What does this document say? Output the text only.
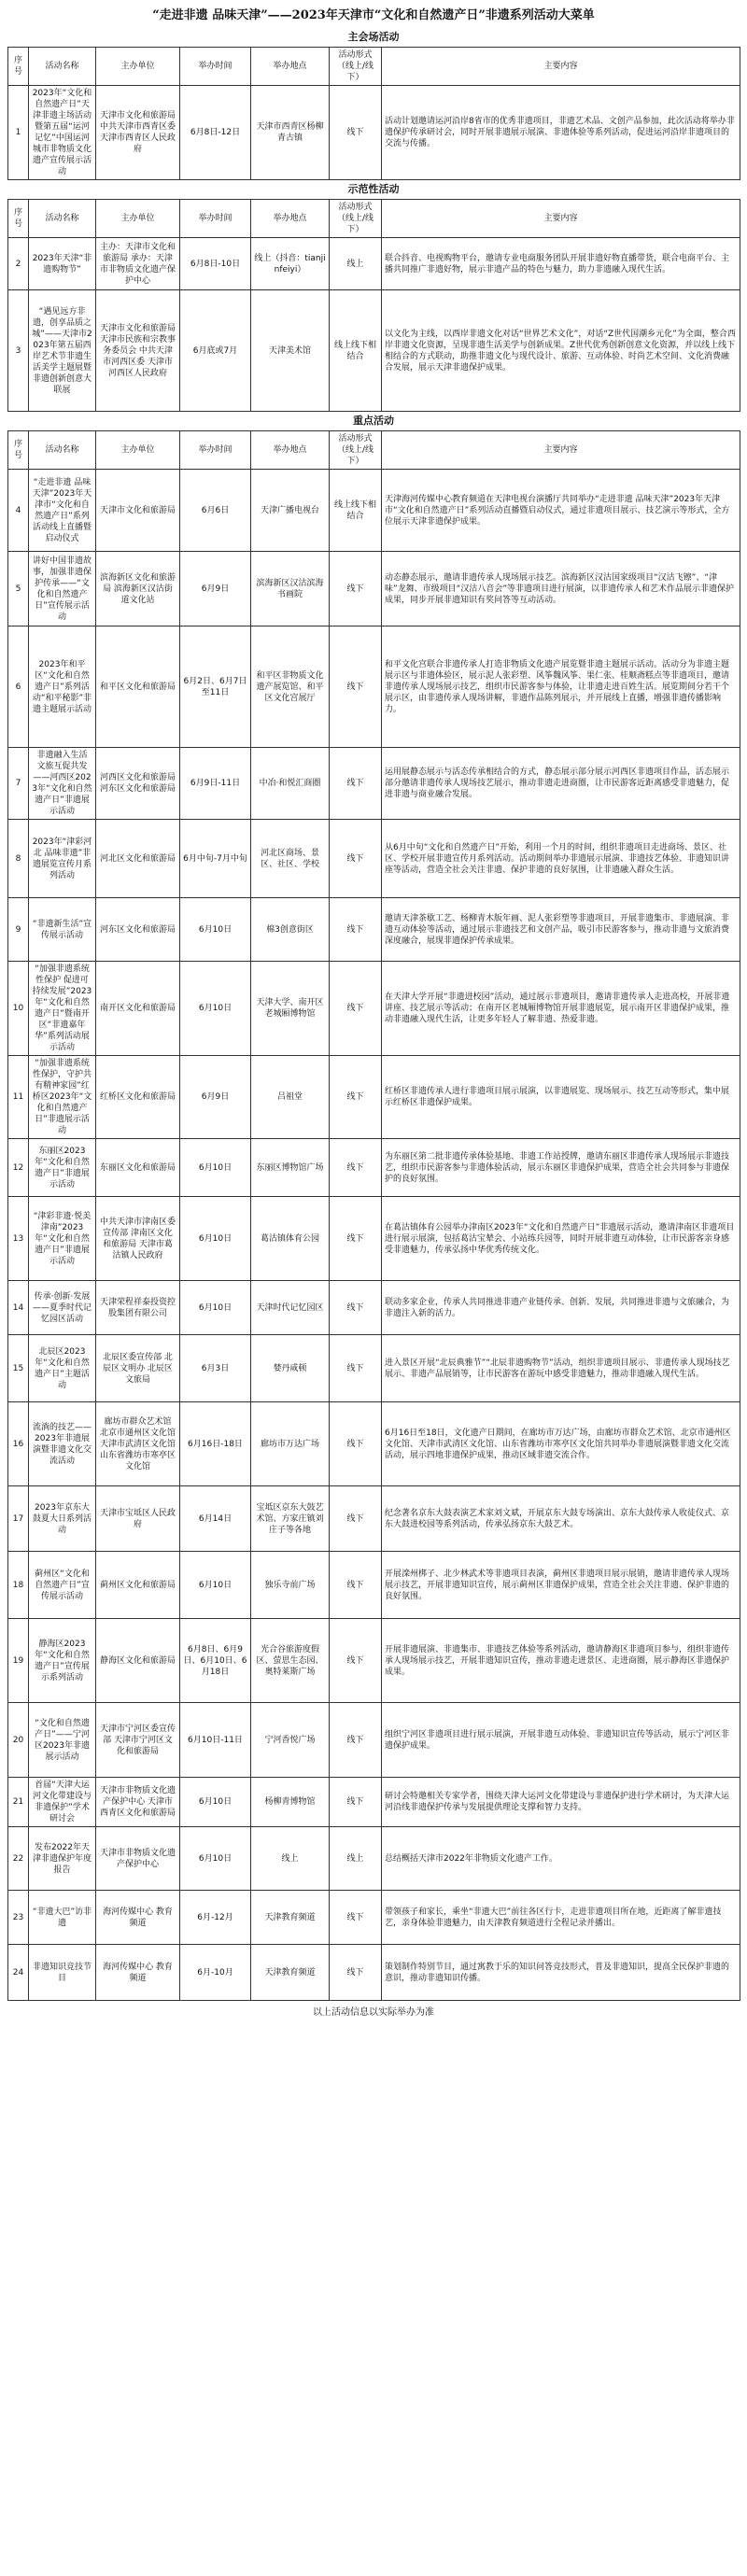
“走进非遗 品味天津”——2023年天津市“文化和自然遗产日”非遗系列活动大菜单
主会场活动
序号	活动名称	主办单位	举办时间	举办地点	活动形式（线上/线下）	主要内容
1	2023年“文化和自然遗产日”天津非遗主场活动暨第五届“运河记忆”中国运河城市非物质文化遗产宣传展示活动	天津市文化和旅游局 中共天津市西青区委 天津市西青区人民政府	6月8日-12日	天津市西青区杨柳青古镇	线下	活动计划邀请运河沿岸8省市的优秀非遗项目，非遗艺术品、文创产品参加，此次活动将举办非遗保护传承研讨会，同时开展非遗展示展演、非遗体验等系列活动，促进运河沿岸非遗项目的交流与传播。
示范性活动
序号	活动名称	主办单位	举办时间	举办地点	活动形式（线上/线下）	主要内容
2	2023年天津“非遗购物节”	主办：天津市文化和旅游局 承办：天津市非物质文化遗产保护中心	6月8日-10日	线上（抖音：tianjinfeiyi）	线上	联合抖音、电视购物平台，邀请专业电商服务团队开展非遗好物直播带货，联合电商平台、主播共同推广非遗好物，展示非遗产品的特色与魅力，助力非遗融入现代生活。
3	“遇见远方非遗，创享品质之城”——天津市2023年第五届西岸艺术节非遗生活美学主题展暨非遗创新创意大联展	天津市文化和旅游局 天津市民族和宗教事务委员会 中共天津市河西区委 天津市河西区人民政府	6月底或7月	天津美术馆	线上线下相结合	以文化为主线，以西岸非遗文化对话“世界艺术文化”，对话“Z世代国潮乡元化”为全面，整合西岸非遗文化资源，呈现非遗生活美学与创新成果。Z世代优秀创新创意文化资源，并以线上线下相结合的方式联动，助推非遗文化与现代设计、旅游、互动体验、时尚艺术空间、文化消费融合发展，展示天津非遗保护成果。
重点活动
序号	活动名称	主办单位	举办时间	举办地点	活动形式（线上/线下）	主要内容
4	“走进非遗 品味天津”2023年天津市“文化和自然遗产日”系列活动线上直播暨启动仪式	天津市文化和旅游局	6月6日	天津广播电视台	线上线下相结合	天津海河传媒中心教育频道在天津电视台演播厅共同举办“走进非遗 品味天津”2023年天津市“文化和自然遗产日”系列活动直播暨启动仪式，通过非遗项目展示、技艺演示等形式，全方位展示天津非遗保护成果。
5	讲好中国非遗故事，加强非遗保护传承——“文化和自然遗产日”宣传展示活动	滨海新区文化和旅游局 滨海新区汉沽街道文化站	6月9日	滨海新区汉沽滨海书画院	线下	动态静态展示，邀请非遗传承人现场展示技艺。滨海新区汉沽国家级项目“汉沽飞镲”、“津味”龙舞、市级项目“汉沽八音会”等非遗项目进行展演，以非遗传承人和艺术作品展示非遗保护成果，同步开展非遗知识有奖问答等互动活动。
6	2023年和平区“文化和自然遗产日”系列活动“和平秘影”非遗主题展示活动	和平区文化和旅游局	6月2日、6月7日至11日	和平区非物质文化遗产展览馆、和平区文化宫展厅	线下	和平文化宫联合非遗传承人打造非物质文化遗产展览暨非遗主题展示活动。活动分为非遗主题展示区与非遗体验区，展示泥人张彩塑、风筝魏风筝、果仁张、桂顺斋糕点等非遗项目，邀请非遗传承人现场展示技艺，组织市民游客参与体验，让非遗走进百姓生活。展览期间分若干个展示区，由非遗传承人现场讲解，非遗作品陈列展示，并开展线上直播，增强非遗传播影响力。
7	非遗融入生活 文旅互促共发——河西区2023年“文化和自然遗产日”非遗展示活动	河西区文化和旅游局 河东区文化和旅游局	6月9日-11日	中冶·和悦汇商圈	线下	运用展静态展示与活态传承相结合的方式，静态展示部分展示河西区非遗项目作品，活态展示部分邀请非遗传承人现场技艺展示，推动非遗走进商圈，让市民游客近距离感受非遗魅力，促进非遗与商业融合发展。
8	2023年“津彩河北 品味非遗”非遗展览宣传月系列活动	河北区文化和旅游局	6月中旬-7月中旬	河北区商场、景区、社区、学校	线下	从6月中旬“文化和自然遗产日”开始，利用一个月的时间，组织非遗项目走进商场、景区、社区、学校开展非遗宣传月系列活动。活动期间举办非遗展示展演、非遗技艺体验、非遗知识讲座等活动，营造全社会关注非遗、保护非遗的良好氛围，让非遗融入群众生活。
9	“非遗新生活”宣传展示活动	河东区文化和旅游局	6月10日	棉3创意街区	线下	邀请天津茶歇工艺、杨柳青木版年画、泥人张彩塑等非遗项目，开展非遗集市、非遗展演、非遗互动体验等活动，通过展示非遗技艺和文创产品，吸引市民游客参与，推动非遗与文旅消费深度融合，展现非遗保护传承成果。
10	“加强非遗系统性保护 促进可持续发展”2023年“文化和自然遗产日”暨南开区“非遗嘉年华”系列活动展示活动	南开区文化和旅游局	6月10日	天津大学、南开区老城厢博物馆	线下	在天津大学开展“非遗进校园”活动，通过展示非遗项目，邀请非遗传承人走进高校，开展非遗讲座、技艺展示等活动；在南开区老城厢博物馆开展非遗展览，展示南开区非遗保护成果，推动非遗融入现代生活，让更多年轻人了解非遗、热爱非遗。
11	“加强非遗系统性保护，守护共有精神家园”红桥区2023年“文化和自然遗产日”非遗展示活动	红桥区文化和旅游局	6月9日	吕祖堂	线下	红桥区非遗传承人进行非遗项目展示展演，以非遗展览、现场展示、技艺互动等形式，集中展示红桥区非遗保护成果。
12	东丽区2023年“文化和自然遗产日”非遗展示活动	东丽区文化和旅游局	6月10日	东丽区博物馆广场	线下	为东丽区第二批非遗传承体验基地、非遗工作站授牌，邀请东丽区非遗传承人现场展示非遗技艺，组织市民游客参与非遗体验活动，展示东丽区非遗保护成果，营造全社会共同参与非遗保护的良好氛围。
13	“津彩非遗·悦美津南”2023年“文化和自然遗产日”非遗展示活动	中共天津市津南区委宣传部 津南区文化和旅游局 天津市葛沽镇人民政府	6月10日	葛沽镇体育公园	线下	在葛沽镇体育公园举办津南区2023年“文化和自然遗产日”非遗展示活动，邀请津南区非遗项目进行展示展演，包括葛沽宝辇会、小站练兵园等，同时开展非遗互动体验，让市民游客亲身感受非遗魅力，传承弘扬中华优秀传统文化。
14	传承·创新·发展——夏季时代记忆园区活动	天津荣程祥泰投资控股集团有限公司	6月10日	天津时代记忆园区	线下	联动多家企业，传承人共同推进非遗产业链传承、创新、发展，共同推进非遗与文旅融合，为非遗注入新的活力。
15	北辰区2023年“文化和自然遗产日”主题活动	北辰区委宣传部 北辰区文明办 北辰区文旅局	6月3日	婪丹咸顿	线下	进入景区开展“北辰典雅节”“北辰非遗购物节”活动，组织非遗项目展示、非遗传承人现场技艺展示、非遗产品展销等，让市民游客在游玩中感受非遗魅力，推动非遗融入现代生活。
16	流淌的技艺——2023年非遗展演暨非遗文化交流活动	廊坊市群众艺术馆 北京市通州区文化馆 天津市武清区文化馆 山东省潍坊市寒亭区文化馆	6月16日-18日	廊坊市万达广场	线下	6月16日至18日，文化遗产日期间，在廊坊市万达广场，由廊坊市群众艺术馆、北京市通州区文化馆、天津市武清区文化馆、山东省潍坊市寒亭区文化馆共同举办非遗展演暨非遗文化交流活动，展示四地非遗保护成果，推动区域非遗交流合作。
17	2023年京东大鼓夏大日系列活动	天津市宝坻区人民政府	6月14日	宝坻区京东大鼓艺术馆、方家庄镇刘庄子等各地	线下	纪念著名京东大鼓表演艺术家刘文斌，开展京东大鼓专场演出、京东大鼓传承人收徒仪式、京东大鼓进校园等系列活动，传承弘扬京东大鼓艺术。
18	蓟州区“文化和自然遗产日”宣传展示活动	蓟州区文化和旅游局	6月10日	独乐寺前广场	线下	开展滦州梆子、北少林武术等非遗项目表演，蓟州区非遗项目展示展销，邀请非遗传承人现场展示技艺，开展非遗知识宣传，展示蓟州区非遗保护成果，营造全社会关注非遗、保护非遗的良好氛围。
19	静海区2023年“文化和自然遗产日”宣传展示系列活动	静海区文化和旅游局	6月8日、6月9日、6月10日、6月18日	光合谷旅游度假区、萤思生态园、奥特莱斯广场	线下	开展非遗展演、非遗集市、非遗技艺体验等系列活动，邀请静海区非遗项目参与，组织非遗传承人现场展示技艺，开展非遗知识宣传，推动非遗走进景区、走进商圈，展示静海区非遗保护成果。
20	“文化和自然遗产日”——宁河区2023年非遗展示活动	天津市宁河区委宣传部 天津市宁河区文化和旅游局	6月10日-11日	宁河香悦广场	线下	组织宁河区非遗项目进行展示展演，开展非遗互动体验、非遗知识宣传等活动，展示宁河区非遗保护成果。
21	首届“天津大运河文化带建设与非遗保护”学术研讨会	天津市非物质文化遗产保护中心 天津市西青区文化和旅游局	6月10日	杨柳青博物馆	线下	研讨会特邀相关专家学者，围绕天津大运河文化带建设与非遗保护进行学术研讨，为天津大运河沿线非遗保护传承与发展提供理论支撑和智力支持。
22	发布2022年天津非遗保护年度报告	天津市非物质文化遗产保护中心	6月10日	线上	线上	总结概括天津市2022年非物质文化遗产工作。
23	“非遗大巴”访非遗	海河传媒中心 教育频道	6月-12月	天津教育频道	线下	带领孩子和家长，乘坐“非遗大巴”前往各区行卡，走进非遗项目所在地，近距离了解非遗技艺，亲身体验非遗魅力，由天津教育频道进行全程记录并播出。
24	非遗知识竞技节目	海河传媒中心 教育频道	6月-10月	天津教育频道	线下	策划制作特别节目，通过寓教于乐的知识问答竞技形式，普及非遗知识，提高全民保护非遗的意识，推动非遗知识传播。
以上活动信息以实际举办为准
